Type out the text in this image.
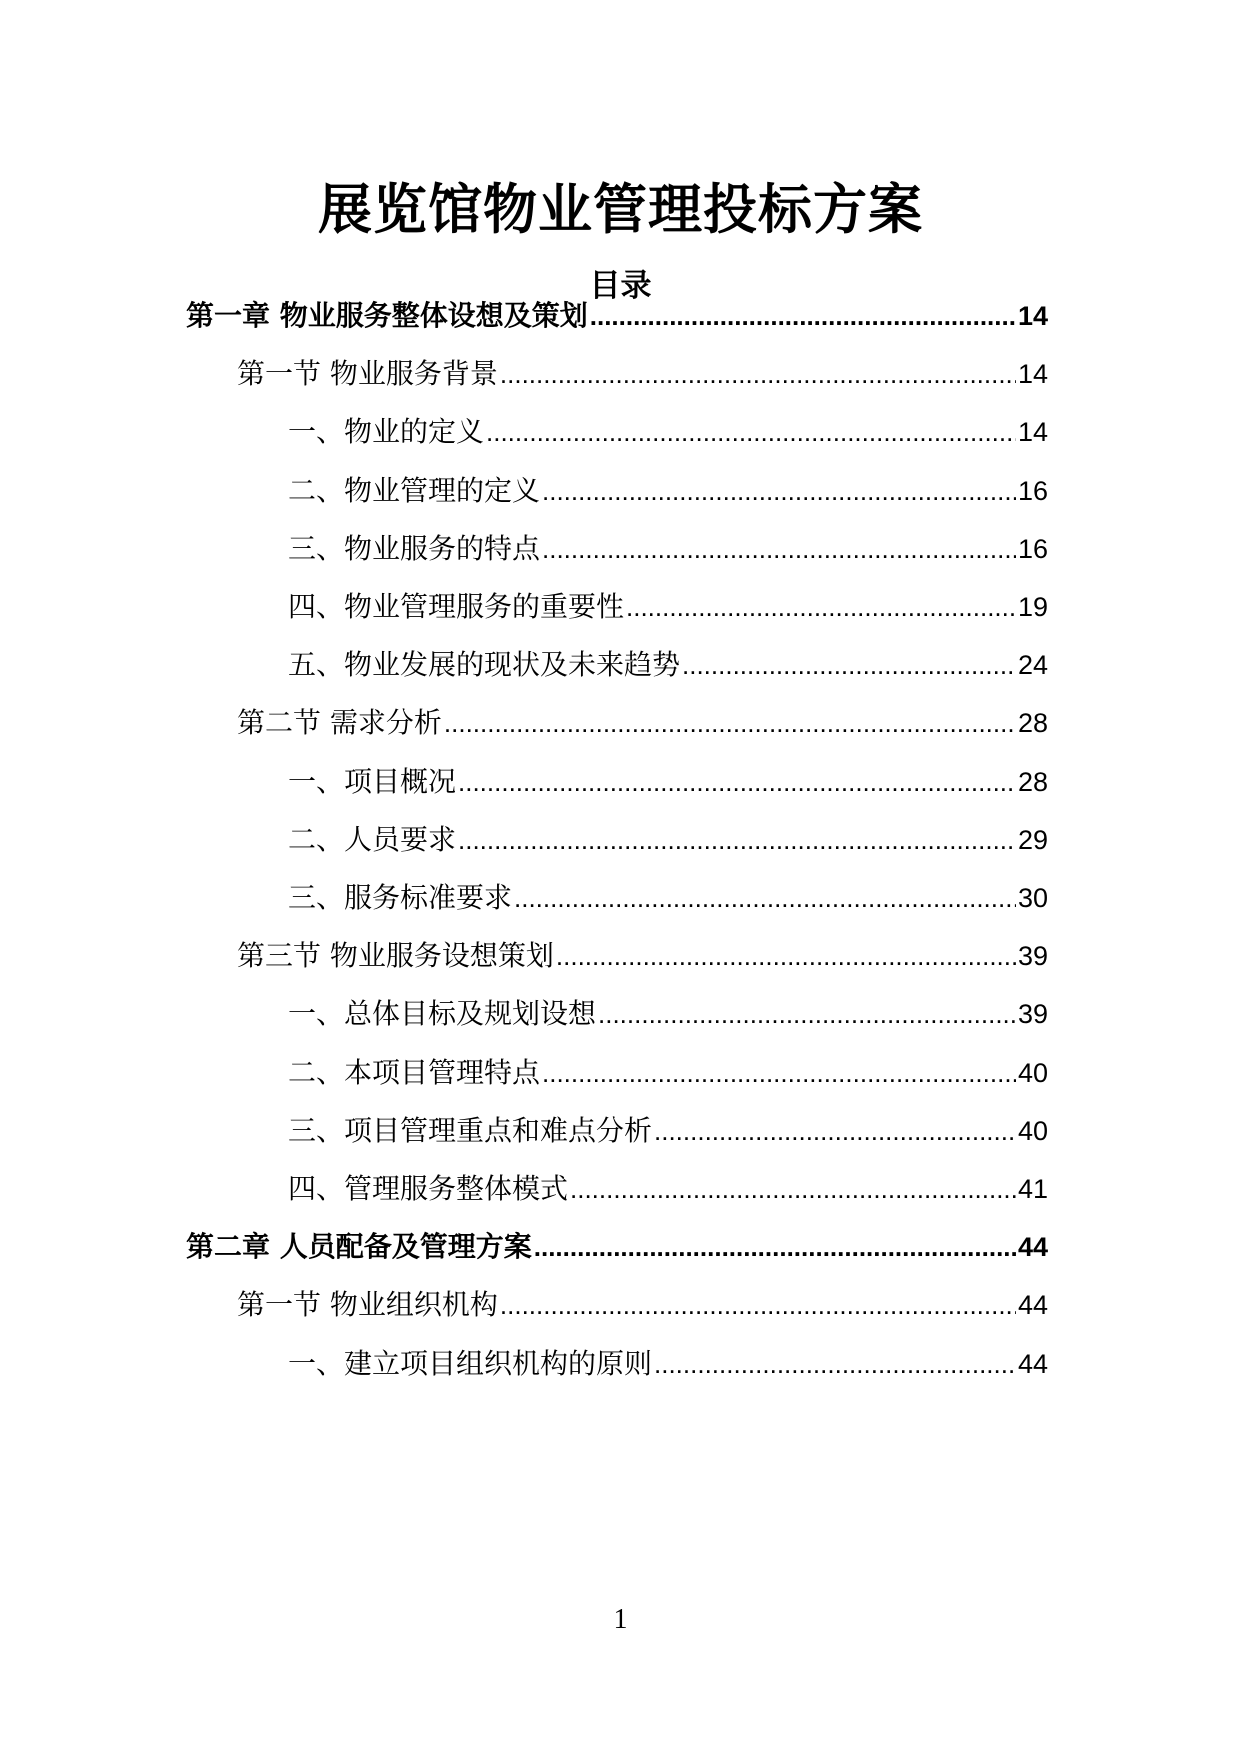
展览馆物业管理投标方案
目录
第一章 物业服务整体设想及策划 .....	14
第一节 物业服务背景 .....	14
一、物业的定义 .....	14
二、物业管理的定义 .....	16
三、物业服务的特点 .....	16
四、物业管理服务的重要性 .....	19
五、物业发展的现状及未来趋势 .....	24
第二节 需求分析 .....	28
一、项目概况 .....	28
二、人员要求 .....	29
三、服务标准要求 .....	30
第三节 物业服务设想策划 .....	39
一、总体目标及规划设想 .....	39
二、本项目管理特点 .....	40
三、项目管理重点和难点分析 .....	40
四、管理服务整体模式 .....	41
第二章 人员配备及管理方案 .....	44
第一节 物业组织机构 .....	44
一、建立项目组织机构的原则 .....	44
1
